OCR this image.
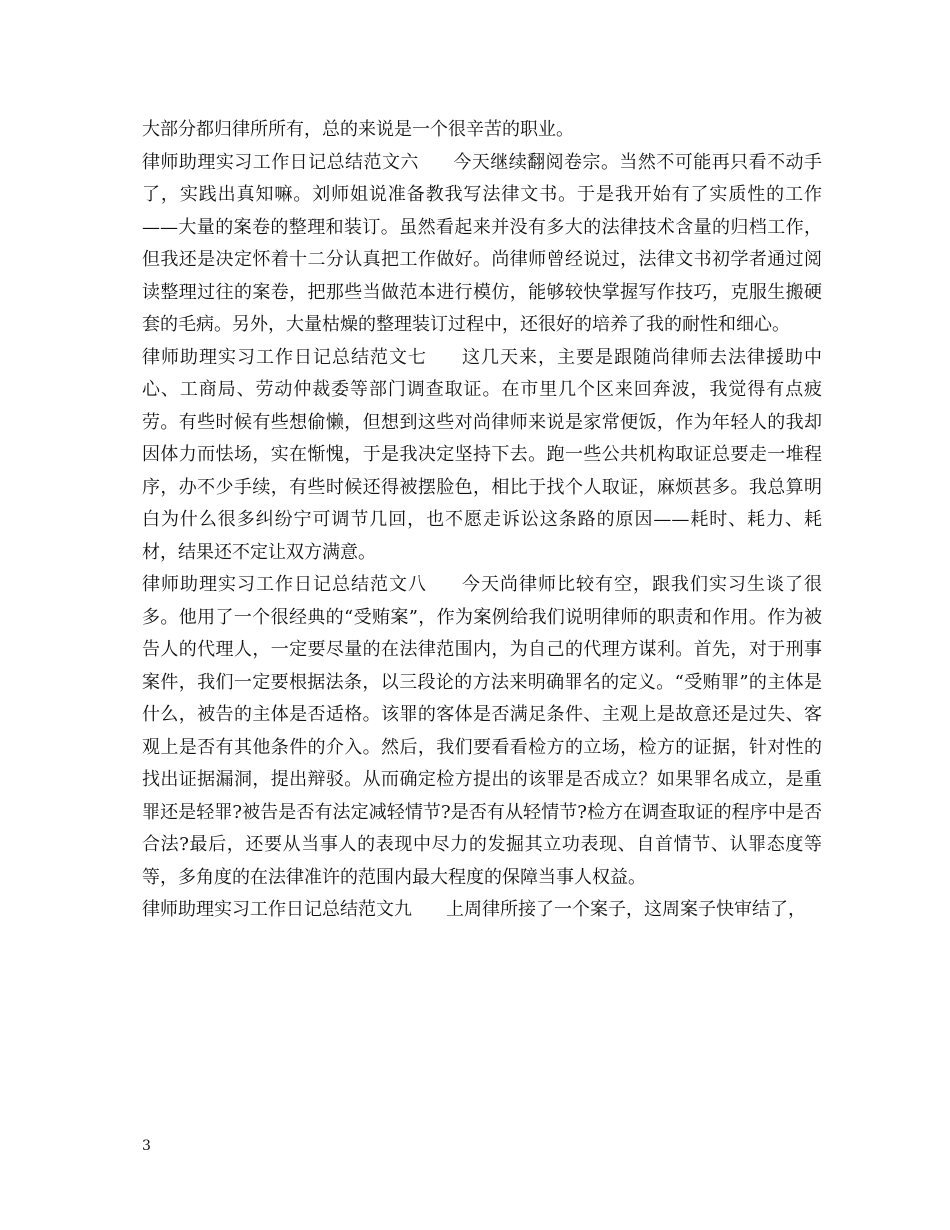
大部分都归律所所有，总的来说是一个很辛苦的职业。

律师助理实习工作日记总结范文六 今天继续翻阅卷宗。当然不可能再只看不动手了，实践出真知嘛。刘师姐说准备教我写法律文书。于是我开始有了实质性的工作——大量的案卷的整理和装订。虽然看起来并没有多大的法律技术含量的归档工作，但我还是决定怀着十二分认真把工作做好。尚律师曾经说过，法律文书初学者通过阅读整理过往的案卷，把那些当做范本进行模仿，能够较快掌握写作技巧，克服生搬硬套的毛病。另外，大量枯燥的整理装订过程中，还很好的培养了我的耐性和细心。

律师助理实习工作日记总结范文七 这几天来，主要是跟随尚律师去法律援助中心、工商局、劳动仲裁委等部门调查取证。在市里几个区来回奔波，我觉得有点疲劳。有些时候有些想偷懒，但想到这些对尚律师来说是家常便饭，作为年轻人的我却因体力而怯场，实在惭愧，于是我决定坚持下去。跑一些公共机构取证总要走一堆程序，办不少手续，有些时候还得被摆脸色，相比于找个人取证，麻烦甚多。我总算明白为什么很多纠纷宁可调节几回，也不愿走诉讼这条路的原因——耗时、耗力、耗材，结果还不定让双方满意。

律师助理实习工作日记总结范文八 今天尚律师比较有空，跟我们实习生谈了很多。他用了一个很经典的“受贿案”，作为案例给我们说明律师的职责和作用。作为被告人的代理人，一定要尽量的在法律范围内，为自己的代理方谋利。首先，对于刑事案件，我们一定要根据法条，以三段论的方法来明确罪名的定义。“受贿罪”的主体是什么，被告的主体是否适格。该罪的客体是否满足条件、主观上是故意还是过失、客观上是否有其他条件的介入。然后，我们要看看检方的立场，检方的证据，针对性的找出证据漏洞，提出辩驳。从而确定检方提出的该罪是否成立？如果罪名成立，是重罪还是轻罪?被告是否有法定减轻情节?是否有从轻情节?检方在调查取证的程序中是否合法?最后，还要从当事人的表现中尽力的发掘其立功表现、自首情节、认罪态度等等，多角度的在法律准许的范围内最大程度的保障当事人权益。

律师助理实习工作日记总结范文九 上周律所接了一个案子，这周案子快审结了，

3
